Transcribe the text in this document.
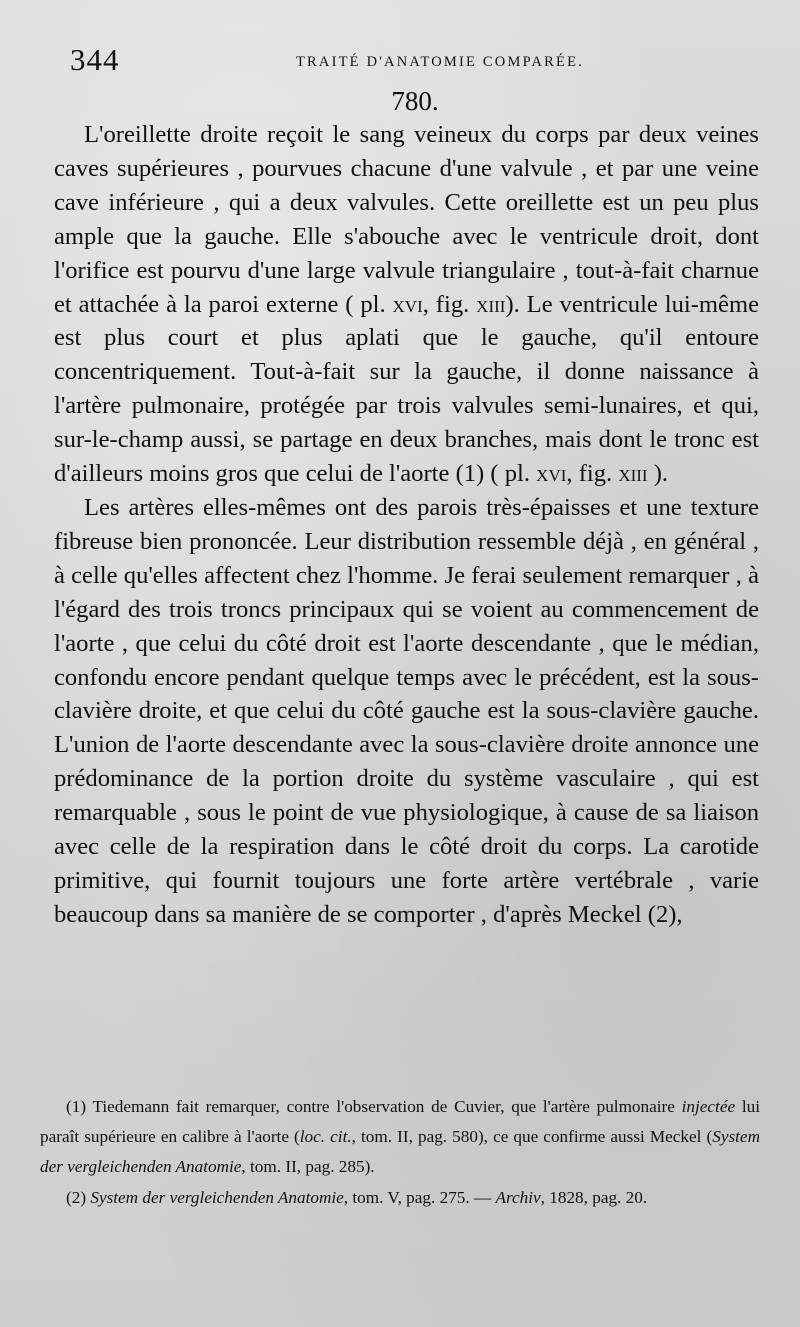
344	TRAITÉ D'ANATOMIE COMPARÉE.
780.

L'oreillette droite reçoit le sang veineux du corps par deux veines caves supérieures , pourvues chacune d'une valvule , et par une veine cave inférieure , qui a deux valvules. Cette oreillette est un peu plus ample que la gauche. Elle s'abouche avec le ventricule droit, dont l'orifice est pourvu d'une large valvule triangulaire , tout-à-fait charnue et attachée à la paroi externe ( pl. xvi, fig. xiii). Le ventricule lui-même est plus court et plus aplati que le gauche, qu'il entoure concentriquement. Tout-à-fait sur la gauche, il donne naissance à l'artère pulmonaire, protégée par trois valvules semi-lunaires, et qui, sur-le-champ aussi, se partage en deux branches, mais dont le tronc est d'ailleurs moins gros que celui de l'aorte (1) ( pl. xvi, fig. xiii ).

Les artères elles-mêmes ont des parois très-épaisses et une texture fibreuse bien prononcée. Leur distribution ressemble déjà , en général , à celle qu'elles affectent chez l'homme. Je ferai seulement remarquer , à l'égard des trois troncs principaux qui se voient au commencement de l'aorte , que celui du côté droit est l'aorte descendante , que le médian, confondu encore pendant quelque temps avec le précédent, est la sous-clavière droite, et que celui du côté gauche est la sous-clavière gauche. L'union de l'aorte descendante avec la sous-clavière droite annonce une prédominance de la portion droite du système vasculaire , qui est remarquable , sous le point de vue physiologique, à cause de sa liaison avec celle de la respiration dans le côté droit du corps. La carotide primitive, qui fournit toujours une forte artère vertébrale , varie beaucoup dans sa manière de se comporter , d'après Meckel (2),

(1) Tiedemann fait remarquer, contre l'observation de Cuvier, que l'artère pulmonaire injectée lui paraît supérieure en calibre à l'aorte (loc. cit., tom. II, pag. 580), ce que confirme aussi Meckel (System der vergleichenden Anatomie, tom. II, pag. 285).

(2) System der vergleichenden Anatomie, tom. V, pag. 275. — Archiv, 1828, pag. 20.
